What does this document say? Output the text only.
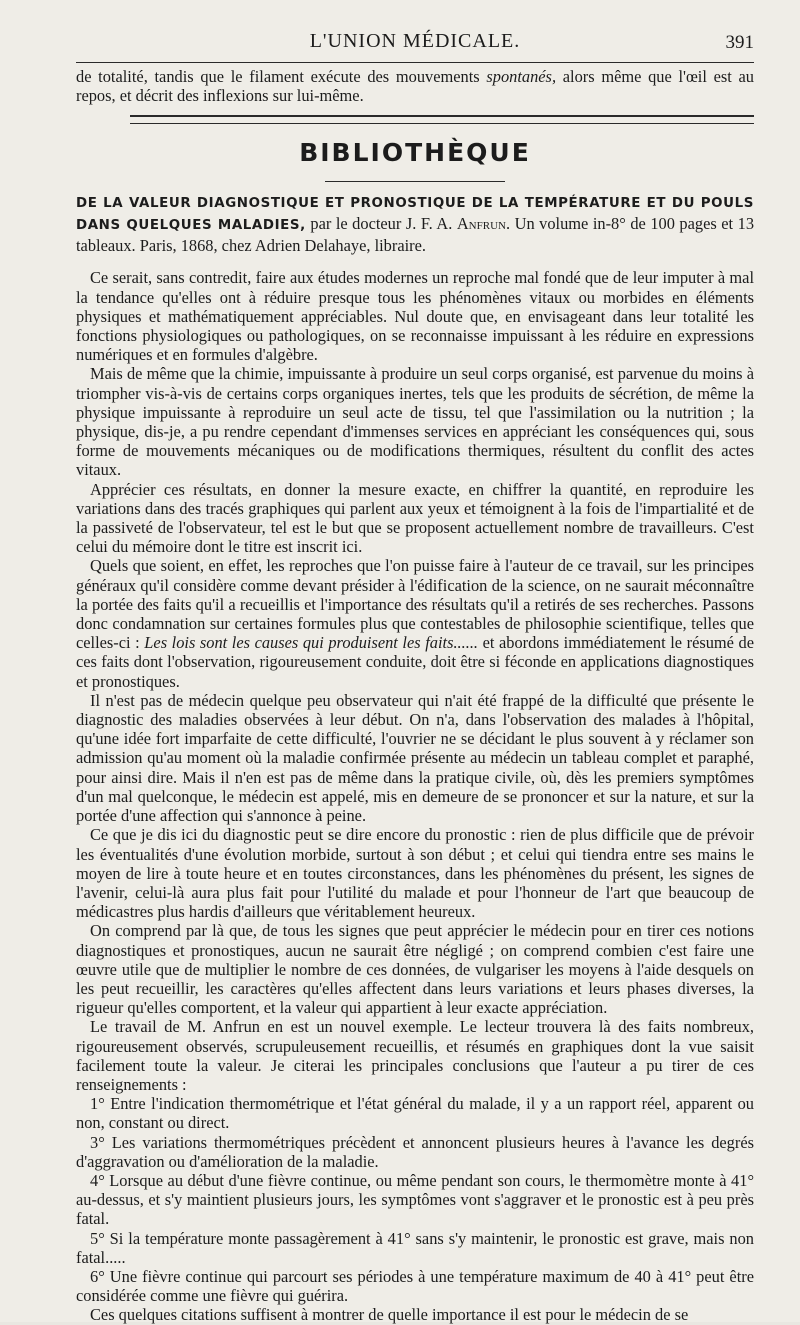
L'UNION MÉDICALE.	391

de totalité, tandis que le filament exécute des mouvements spontanés, alors même que l'œil est au repos, et décrit des inflexions sur lui-même.

BIBLIOTHÈQUE

DE LA VALEUR DIAGNOSTIQUE ET PRONOSTIQUE DE LA TEMPÉRATURE ET DU POULS DANS QUELQUES MALADIES, par le docteur J. F. A. Anfrun. Un volume in-8° de 100 pages et 13 tableaux. Paris, 1868, chez Adrien Delahaye, libraire.

Ce serait, sans contredit, faire aux études modernes un reproche mal fondé que de leur imputer à mal la tendance qu'elles ont à réduire presque tous les phénomènes vitaux ou morbides en éléments physiques et mathématiquement appréciables. Nul doute que, en envisageant dans leur totalité les fonctions physiologiques ou pathologiques, on se reconnaisse impuissant à les réduire en expressions numériques et en formules d'algèbre.

Mais de même que la chimie, impuissante à produire un seul corps organisé, est parvenue du moins à triompher vis-à-vis de certains corps organiques inertes, tels que les produits de sécrétion, de même la physique impuissante à reproduire un seul acte de tissu, tel que l'assimilation ou la nutrition ; la physique, dis-je, a pu rendre cependant d'immenses services en appréciant les conséquences qui, sous forme de mouvements mécaniques ou de modifications thermiques, résultent du conflit des actes vitaux.

Apprécier ces résultats, en donner la mesure exacte, en chiffrer la quantité, en reproduire les variations dans des tracés graphiques qui parlent aux yeux et témoignent à la fois de l'impartialité et de la passiveté de l'observateur, tel est le but que se proposent actuellement nombre de travailleurs. C'est celui du mémoire dont le titre est inscrit ici.

Quels que soient, en effet, les reproches que l'on puisse faire à l'auteur de ce travail, sur les principes généraux qu'il considère comme devant présider à l'édification de la science, on ne saurait méconnaître la portée des faits qu'il a recueillis et l'importance des résultats qu'il a retirés de ses recherches. Passons donc condamnation sur certaines formules plus que contestables de philosophie scientifique, telles que celles-ci : Les lois sont les causes qui produisent les faits...... et abordons immédiatement le résumé de ces faits dont l'observation, rigoureusement conduite, doit être si féconde en applications diagnostiques et pronostiques.

Il n'est pas de médecin quelque peu observateur qui n'ait été frappé de la difficulté que présente le diagnostic des maladies observées à leur début. On n'a, dans l'observation des malades à l'hôpital, qu'une idée fort imparfaite de cette difficulté, l'ouvrier ne se décidant le plus souvent à y réclamer son admission qu'au moment où la maladie confirmée présente au médecin un tableau complet et paraphé, pour ainsi dire. Mais il n'en est pas de même dans la pratique civile, où, dès les premiers symptômes d'un mal quelconque, le médecin est appelé, mis en demeure de se prononcer et sur la nature, et sur la portée d'une affection qui s'annonce à peine.

Ce que je dis ici du diagnostic peut se dire encore du pronostic : rien de plus difficile que de prévoir les éventualités d'une évolution morbide, surtout à son début ; et celui qui tiendra entre ses mains le moyen de lire à toute heure et en toutes circonstances, dans les phénomènes du présent, les signes de l'avenir, celui-là aura plus fait pour l'utilité du malade et pour l'honneur de l'art que beaucoup de médicastres plus hardis d'ailleurs que véritablement heureux.

On comprend par là que, de tous les signes que peut apprécier le médecin pour en tirer ces notions diagnostiques et pronostiques, aucun ne saurait être négligé ; on comprend combien c'est faire une œuvre utile que de multiplier le nombre de ces données, de vulgariser les moyens à l'aide desquels on les peut recueillir, les caractères qu'elles affectent dans leurs variations et leurs phases diverses, la rigueur qu'elles comportent, et la valeur qui appartient à leur exacte appréciation.

Le travail de M. Anfrun en est un nouvel exemple. Le lecteur trouvera là des faits nombreux, rigoureusement observés, scrupuleusement recueillis, et résumés en graphiques dont la vue saisit facilement toute la valeur. Je citerai les principales conclusions que l'auteur a pu tirer de ces renseignements :

1° Entre l'indication thermométrique et l'état général du malade, il y a un rapport réel, apparent ou non, constant ou direct.

3° Les variations thermométriques précèdent et annoncent plusieurs heures à l'avance les degrés d'aggravation ou d'amélioration de la maladie.

4° Lorsque au début d'une fièvre continue, ou même pendant son cours, le thermomètre monte à 41° au-dessus, et s'y maintient plusieurs jours, les symptômes vont s'aggraver et le pronostic est à peu près fatal.

5° Si la température monte passagèrement à 41° sans s'y maintenir, le pronostic est grave, mais non fatal.....

6° Une fièvre continue qui parcourt ses périodes à une température maximum de 40 à 41° peut être considérée comme une fièvre qui guérira.

Ces quelques citations suffisent à montrer de quelle importance il est pour le médecin de se
